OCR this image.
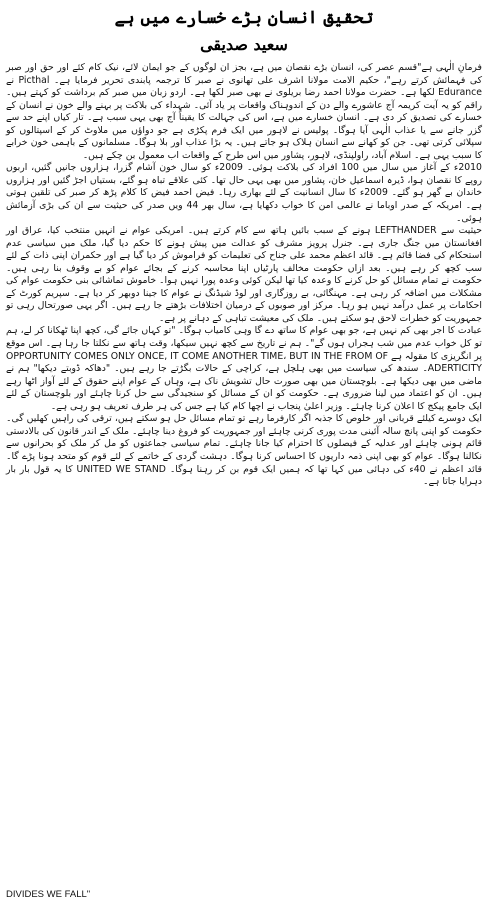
تحقیق انسان بڑے خسارے میں ہے
سعید صدیقی

فرمانِ الٰہی ہے"قسم عصر کی، انسان بڑے نقصان میں ہے، بجز ان لوگوں کے جو ایمان لائے، نیک کام کئے اور حق اور صبر کی فہمائش کرتے رہے"، حکیم الامت مولانا اشرف علی تھانوی نے صبر کا ترجمہ پابندی تحریر فرمایا ہے۔ Picthal نے Edurance لکھا ہے۔ حضرت مولانا احمد رضا بریلوی نے بھی صبر لکھا ہے۔ اردو زبان میں صبر کم برداشت کو کہتے ہیں۔ راقم کو یہ آیت کریمہ آج عاشورے والے دن کے اندوہناک واقعات پر یاد آئی۔ شہداء کی بلاکت پر بہنے والے خون نے انسان کے خسارے کی تصدیق کر دی ہے۔ انسان خسارے میں ہے، اس کی جہالت کا یقیناً آج بھی یہی سبب ہے۔ تار کیاں اپنے حد سے گزر جانے سے یا عذاب الٰہی آیا ہوگا۔ پولیس نے لاہور میں ایک فرم پکڑی ہے جو دواؤں میں ملاوٹ کر کے اسپتالوں کو سپلائی کرتی تھی۔ جن کو کھانے سے انسان ہلاک ہو جاتے ہیں۔ یہ بڑا عذاب اور بلا ہوگا۔ مسلمانوں کے باہمی خون خرابے کا سبب یہی ہے۔ اسلام آباد، راولپنڈی، لاہور، پشاور میں اس طرح کے واقعات اب معمول بن چکے ہیں۔

2010ء کے آغاز میں سال میں 100 افراد کی بلاکت ہوئی۔ 2009ء کو سال خون آشام گزرا، ہزاروں جانیں گئیں، اربوں روپے کا نقصان ہوا، ڈیرہ اسماعیل خان، پشاور میں بھی یہی حال تھا۔ کئی علاقے تباہ ہو گئے، بستیاں اجڑ گئیں اور ہزاروں خاندان بے گھر ہو گئے۔ 2009ء کا سال انسانیت کے لئے بھاری رہا۔ فیض احمد فیض کا کلام پڑھ کر صبر کی تلقین ہوتی ہے۔ امریکہ کے صدر اوباما نے عالمی امن کا خواب دکھایا ہے، سال بھر 44 ویں صدر کی حیثیت سے ان کی بڑی آزمائش ہوئی۔

حیثیت سے LEFTHANDER ہونے کے سبب بائیں ہاتھ سے کام کرتے ہیں۔ امریکی عوام نے انہیں منتخب کیا، عراق اور افغانستان میں جنگ جاری ہے۔ جنرل پرویز مشرف کو عدالت میں پیش ہونے کا حکم دیا گیا، ملک میں سیاسی عدم استحکام کی فضا قائم ہے۔ قائد اعظم محمد علی جناح کی تعلیمات کو فراموش کر دیا گیا ہے اور حکمران اپنی ذات کے لئے سب کچھ کر رہے ہیں۔ بعد ازاں حکومت مخالف پارٹیاں اپنا محاسبہ کرنے کے بجائے عوام کو بے وقوف بنا رہی ہیں۔ حکومت نے تمام مسائل کو حل کرنے کا وعدہ کیا تھا لیکن کوئی وعدہ پورا نہیں ہوا۔ خاموش تماشائی بنی حکومت عوام کی مشکلات میں اضافہ کر رہی ہے۔ مہنگائی، بے روزگاری اور لوڈ شیڈنگ نے عوام کا جینا دوبھر کر دیا ہے۔ سپریم کورٹ کے احکامات پر عمل درآمد نہیں ہو رہا۔ مرکز اور صوبوں کے درمیان اختلافات بڑھتے جا رہے ہیں۔ اگر یہی صورتحال رہی تو جمہوریت کو خطرات لاحق ہو سکتے ہیں۔ ملک کی معیشت تباہی کے دہانے پر ہے۔

عبادت کا اجر بھی کم نہیں ہے، جو بھی عوام کا ساتھ دے گا وہی کامیاب ہوگا۔ "تو کہاں جائے گی، کچھ اپنا ٹھکانا کر لے، ہم تو کل خواب عدم میں شب ہجراں ہوں گے"۔ ہم نے تاریخ سے کچھ نہیں سیکھا، وقت ہاتھ سے نکلتا جا رہا ہے۔ اس موقع پر انگریزی کا مقولہ ہے OPPORTUNITY COMES ONLY ONCE, IT COME ANOTHER TIME، BUT IN THE FROM OF ADERTICITY۔ سندھ کی سیاست میں بھی ہلچل ہے، کراچی کے حالات بگڑتے جا رہے ہیں۔ "دھاکہ ڈوبتے دیکھا" ہم نے ماضی میں بھی دیکھا ہے۔ بلوچستان میں بھی صورت حال تشویش ناک ہے، وہاں کے عوام اپنے حقوق کے لئے آواز اٹھا رہے ہیں۔ ان کو اعتماد میں لینا ضروری ہے۔ حکومت کو ان کے مسائل کو سنجیدگی سے حل کرنا چاہئے اور بلوچستان کے لئے ایک جامع پیکج کا اعلان کرنا چاہئے۔ وزیر اعلیٰ پنجاب نے اچھا کام کیا ہے جس کی ہر طرف تعریف ہو رہی ہے۔

ایک دوسرے کیلئے قربانی اور خلوص کا جذبہ اگر کارفرما رہے تو تمام مسائل حل ہو سکتے ہیں، ترقی کی راہیں کھلیں گی۔ حکومت کو اپنی پانچ سالہ آئینی مدت پوری کرنی چاہئے اور جمہوریت کو فروغ دینا چاہئے۔ ملک کے اندر قانون کی بالادستی قائم ہونی چاہئے اور عدلیہ کے فیصلوں کا احترام کیا جانا چاہئے۔ تمام سیاسی جماعتوں کو مل کر ملک کو بحرانوں سے نکالنا ہوگا۔ عوام کو بھی اپنی ذمہ داریوں کا احساس کرنا ہوگا۔ دہشت گردی کے خاتمے کے لئے قوم کو متحد ہونا پڑے گا۔ قائد اعظم نے 40ء کی دہائی میں کہا تھا کہ ہمیں ایک قوم بن کر رہنا ہوگا۔ UNITED WE STAND کا یہ قول بار بار دہرایا جاتا ہے۔

DIVIDES WE FALL"
